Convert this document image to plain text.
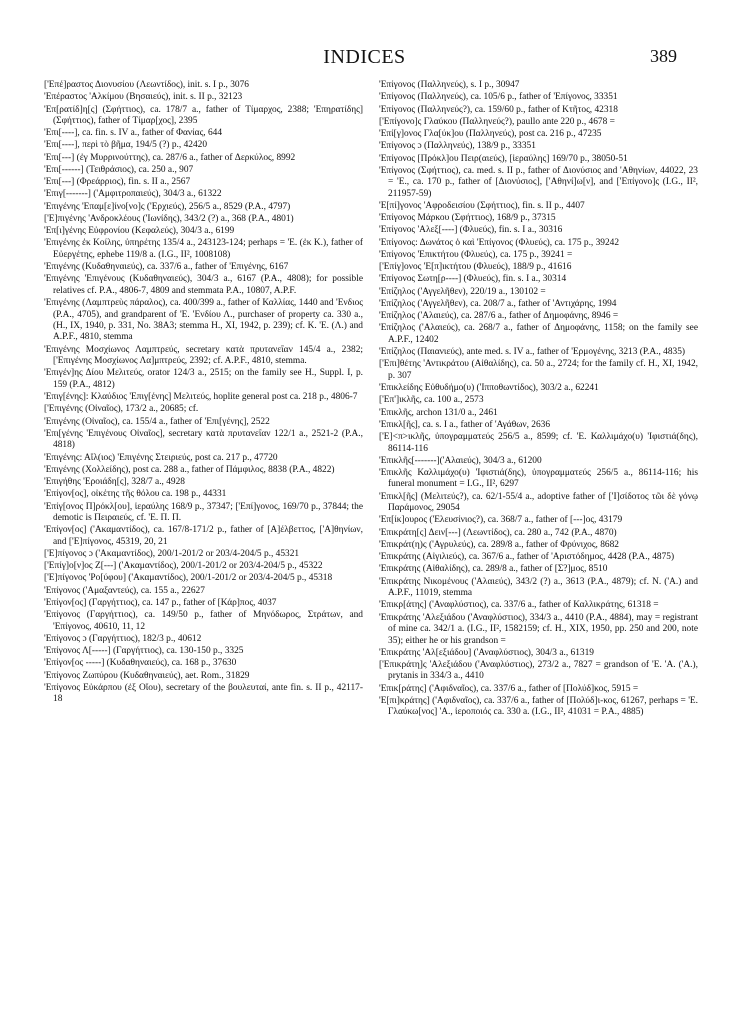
INDICES	389

['Επέ]ραστος Διονυσίου (Λεωντίδος), init. s. I p., 3076

'Επέραστος 'Αλκίμου (Βησαιεύς), init. s. II p., 32123

'Επ[ρατίδ]η[ς] (Σφήττιος), ca. 178/7 a., father of Τίμαρχος, 2388; 'Επηρατίδης] (Σφήττιος), father of Τίμαρ[χος], 2395

'Επι[----], ca. fin. s. IV a., father of Φανίας, 644

'Επι[----], περὶ τὸ βῆμα, 194/5 (?) p., 42420

'Επι[---] (ἐγ Μυρρινούττης), ca. 287/6 a., father of Δερκύλος, 8992

'Επι[------] (Τειθράσιος), ca. 250 a., 907

'Επι[---] (Φρεάρριος), fin. s. II a., 2567

'Επιγ[-------] ('Αμφιτροπαιεύς), 304/3 a., 61322

'Επιγένης 'Επαμ[ε]ίνο[νο]ς ('Ερχιεύς), 256/5 a., 8529 (P.A., 4797)

['Ε]πιγένης 'Ανδροκλέους ('Ιωνίδης), 343/2 (?) a., 368 (P.A., 4801)

'Επ[ι]γένης Εὐφρονίου (Κεφαλεύς), 304/3 a., 6199

'Επιγένης ἐκ Κοίλης, ὑπηρέτης 135/4 a., 243123-124; perhaps = 'Ε. (ἐκ Κ.), father of Εὐεργέτης, ephebe 119/8 a. (I.G., II², 1008108)

'Επιγένης (Κυδαθηναιεύς), ca. 337/6 a., father of 'Επιγένης, 6167

'Επιγένης 'Επιγένους (Κυδαθηναιεύς), 304/3 a., 6167 (P.A., 4808); for possible relatives cf. P.A., 4806-7, 4809 and stemmata P.A., 10807, A.P.F.

'Επιγένης (Λαμπτρεὺς πάραλος), ca. 400/399 a., father of Καλλίας, 1440 and 'Ενδιος (P.A., 4705), and grandparent of 'Ε. 'Ενδίου Λ., purchaser of property ca. 330 a., (H., IX, 1940, p. 331, No. 38A3; stemma H., XI, 1942, p. 239); cf. K. 'Ε. (Λ.) and A.P.F., 4810, stemma

'Επιγένης Μοσχίωνος Λαμπτρεύς, secretary κατὰ πρυτανεΐαν 145/4 a., 2382; ['Επιγένης Μοσχίωνος Λα]μπτρεύς, 2392; cf. A.P.F., 4810, stemma.

'Επιγέν]ης Δίου Μελιτεύς, orator 124/3 a., 2515; on the family see H., Suppl. I, p. 159 (P.A., 4812)

'Επιγ[ένης]: Κλαύδιος 'Επιγ[ένης] Μελιτεύς, hoplite general post ca. 218 p., 4806-7

['Επιγένης (Οἰναῖος), 173/2 a., 20685; cf.

'Επιγένης (Οἰναῖος), ca. 155/4 a., father of 'Επι[γένης], 2522

'Επι[γένης 'Επιγένους Οἰναῖος], secretary κατὰ πρυτανεΐαν 122/1 a., 2521-2 (P.A., 4818)

'Επιγένης: Αἴλ(ιος) 'Επιγένης Στειριεύς, post ca. 217 p., 47720

'Επιγένης (Χολλείδης), post ca. 288 a., father of Πάμφιλος, 8838 (P.A., 4822)

'Επιγήθης 'Εροιάδη[ς], 328/7 a., 4928

'Επίγον[ος], οἰκέτης τῆς θόλου ca. 198 p., 44331

'Επίγ[ονος Π]ρόκλ[ου], ἱεραύλης 168/9 p., 37347; ['Επί]γονος, 169/70 p., 37844; the demotic is Πειραιεύς, cf. 'Ε. Π. Π.

'Επίγον[ος] ('Ακαμαντίδος), ca. 167/8-171/2 p., father of [Α]έλβεττος, ['Α]θηνίων, and ['Ε]πίγονος, 45319, 20, 21

['Ε]πίγονος ɔ ('Ακαμαντίδος), 200/1-201/2 or 203/4-204/5 p., 45321

['Επίγ]ο[ν]ος Ζ[---] ('Ακαμαντίδος), 200/1-201/2 or 203/4-204/5 p., 45322

['Ε]πίγονος 'Ρο[ύφου] ('Ακαμαντίδος), 200/1-201/2 or 203/4-204/5 p., 45318

'Επίγονος ('Αμαξαντεύς), ca. 155 a., 22627

'Επίγον[ος] (Γαργήττιος), ca. 147 p., father of [Κάρ]πος, 4037

'Επίγονος (Γαργήττιος), ca. 149/50 p., father of Μηνόδωρος, Στράτων, and 'Επίγονος, 40610, 11, 12

'Επίγονος ɔ (Γαργήττιος), 182/3 p., 40612

'Επίγονος Λ[-----] (Γαργήττιος), ca. 130-150 p., 3325

'Επίγον[ος -----] (Κυδαθηναιεύς), ca. 168 p., 37630

'Επίγονος Ζωπύρου (Κυδαθηναιεύς), aet. Rom., 31829

'Επίγονος Εὐκάρπου (ἐξ Οἴου), secretary of the βουλευταί, ante fin. s. II p., 42117-18

'Επίγονος (Παλληνεύς), s. I p., 30947

'Επίγονος (Παλληνεύς), ca. 105/6 p., father of 'Επίγονος, 33351

'Επίγονος (Παλληνεύς?), ca. 159/60 p., father of Κτῆτος, 42318

['Επίγονο]ς Γλαύκου (Παλληνεύς?), paullo ante 220 p., 4678 =

'Επί[γ]ονος Γλα[ύκ]ου (Παλληνεύς), post ca. 216 p., 47235

'Επίγονος ɔ (Παλληνεύς), 138/9 p., 33351

'Επίγονος [Πρόκλ]ου Πειρ(αιεύς), [ἱεραύλης] 169/70 p., 38050-51

'Επίγονος (Σφήττιος), ca. med. s. II p., father of Διονύσιος and 'Αθηνίων, 44022, 23 = 'Ε., ca. 170 p., father of [Διονύσιος], ['Αθηνί]ω[ν], and ['Επίγονο]ς (I.G., II², 211957-59)

'Ε[πί]γονος 'Αφροδεισίου (Σφήττιος), fin. s. II p., 4407

'Επίγονος Μάρκου (Σφήττιος), 168/9 p., 37315

'Επίγονος 'Αλεξ[----] (Φλυεύς), fin. s. I a., 30316

'Επίγονος: Δωνάτος ὁ καὶ 'Επίγονος (Φλυεύς), ca. 175 p., 39242

'Επίγονος 'Επικτήτου (Φλυεύς), ca. 175 p., 39241 =

['Επίγ]ονος 'Ε[π]ικτήτου (Φλυεύς), 188/9 p., 41616

'Επίγονος Σωτη[ρ----] (Φλυεύς), fin. s. I a., 30314

'Επίζηλος ('Αγγελῆθεν), 220/19 a., 130102 =

'Επίζηλος ('Αγγελῆθεν), ca. 208/7 a., father of 'Αντιχάρης, 1994

'Επίζηλος ('Αλαιεύς), ca. 287/6 a., father of Δημοφάνης, 8946 =

'Επίζηλος ('Αλαιεύς), ca. 268/7 a., father of Δημοφάνης, 1158; on the family see A.P.F., 12402

'Επίζηλος (Παιανιεύς), ante med. s. IV a., father of 'Ερμογένης, 3213 (P.A., 4835)

['Επι]θέτης 'Αντικράτου (Αἰθαλίδης), ca. 50 a., 2724; for the family cf. H., XI, 1942, p. 307

'Επικλείδης Εὐθυδήμο(υ) ('Ιπποθωντίδος), 303/2 a., 62241

['Επ']ικλῆς, ca. 100 a., 2573

'Επικλῆς, archon 131/0 a., 2461

'Επικλ[ῆς], ca. s. I a., father of 'Αγάθων, 2636

['Ε]<π>ικλῆς, ὑπογραμματεύς 256/5 a., 8599; cf. 'Ε. Καλλιμάχο(υ) 'Ιφιστιά(δης), 86114-116

'Επικλῆς[-------]('Αλαιεύς), 304/3 a., 61200

'Επικλῆς Καλλιμάχο(υ) 'Ιφιστιά(δης), ὑπογραμματεύς 256/5 a., 86114-116; his funeral monument = I.G., II², 6297

'Επικλ[ῆς] (Μελιτεύς?), ca. 62/1-55/4 a., adoptive father of ['Ι]σίδοτος τῶι δὲ γόνῳ Παράμονος, 29054

'Επ[ίκ]ουρος ('Ελευσίνιος?), ca. 368/7 a., father of [---]ος, 43179

'Επικράτη[ς] Δειν[---] (Λεωντίδος), ca. 280 a., 742 (P.A., 4870)

'Επικράτ(η)ς ('Αγρυλεύς), ca. 289/8 a., father of Φρύνιχος, 8682

'Επικράτης (Αἰγιλιεύς), ca. 367/6 a., father of 'Αριστόδημος, 4428 (P.A., 4875)

'Επικράτης (Αἰθαλίδης), ca. 289/8 a., father of [Σ?]μος, 8510

'Επικράτης Νικομένους ('Αλαιεύς), 343/2 (?) a., 3613 (P.A., 4879); cf. N. ('A.) and A.P.F., 11019, stemma

'Επικρ[άτης] ('Αναφλύστιος), ca. 337/6 a., father of Καλλικράτης, 61318 =

'Επικράτης 'Αλεξιάδου ('Αναφλύστιος), 334/3 a., 4410 (P.A., 4884), may = registrant of mine ca. 342/1 a. (I.G., II², 1582159; cf. H., XIX, 1950, pp. 250 and 200, note 35); either he or his grandson =

'Επικράτης 'Αλ[εξιάδου] ('Αναφλύστιος), 304/3 a., 61319

['Επικράτη]ς 'Αλεξιάδου ('Αναφλύστιος), 273/2 a., 7827 = grandson of 'Ε. 'Α. ('Α.), prytanis in 334/3 a., 4410

'Επικ[ράτης] ('Αφιδναῖος), ca. 337/6 a., father of [Πολύδ]κος, 5915 =

'Ε[πι]κράτης] ('Αφιδναῖος), ca. 337/6 a., father of [Πολύδ]ι-κος, 61267, perhaps = 'Ε. Γλαύκω[νος] 'Α., ἱεροποιός ca. 330 a. (I.G., II², 41031 = P.A., 4885)
